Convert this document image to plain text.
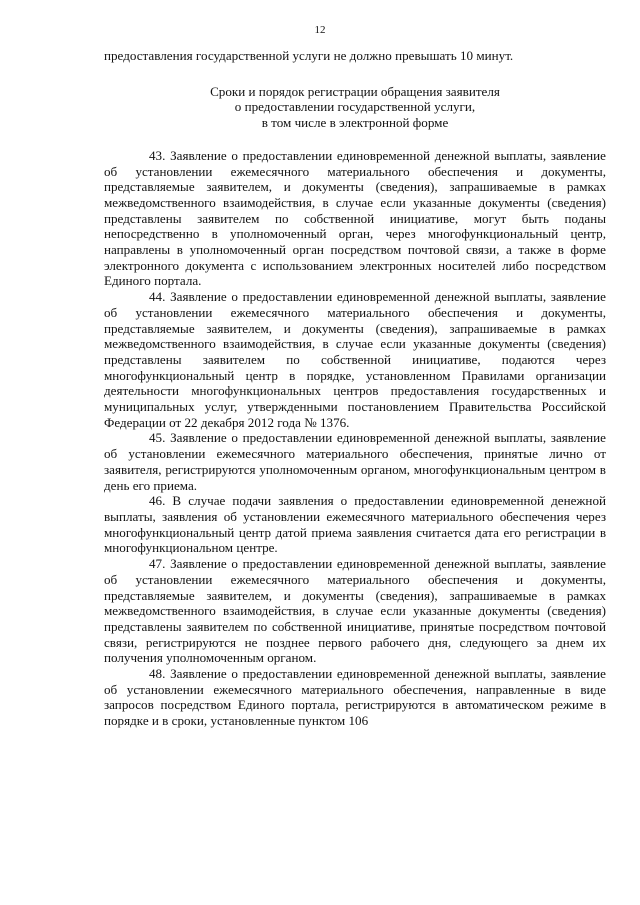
12

предоставления государственной услуги не должно превышать 10 минут.

Сроки и порядок регистрации обращения заявителя
о предоставлении государственной услуги,
в том числе в электронной форме

43. Заявление о предоставлении единовременной денежной выплаты, заявление об установлении ежемесячного материального обеспечения и документы, представляемые заявителем, и документы (сведения), запрашиваемые в рамках межведомственного взаимодействия, в случае если указанные документы (сведения) представлены заявителем по собственной инициативе, могут быть поданы непосредственно в уполномоченный орган, через многофункциональный центр, направлены в уполномоченный орган посредством почтовой связи, а также в форме электронного документа с использованием электронных носителей либо посредством Единого портала.

44. Заявление о предоставлении единовременной денежной выплаты, заявление об установлении ежемесячного материального обеспечения и документы, представляемые заявителем, и документы (сведения), запрашиваемые в рамках межведомственного взаимодействия, в случае если указанные документы (сведения) представлены заявителем по собственной инициативе, подаются через многофункциональный центр в порядке, установленном Правилами организации деятельности многофункциональных центров предоставления государственных и муниципальных услуг, утвержденными постановлением Правительства Российской Федерации от 22 декабря 2012 года № 1376.

45. Заявление о предоставлении единовременной денежной выплаты, заявление об установлении ежемесячного материального обеспечения, принятые лично от заявителя, регистрируются уполномоченным органом, многофункциональным центром в день его приема.

46. В случае подачи заявления о предоставлении единовременной денежной выплаты, заявления об установлении ежемесячного материального обеспечения через многофункциональный центр датой приема заявления считается дата его регистрации в многофункциональном центре.

47. Заявление о предоставлении единовременной денежной выплаты, заявление об установлении ежемесячного материального обеспечения и документы, представляемые заявителем, и документы (сведения), запрашиваемые в рамках межведомственного взаимодействия, в случае если указанные документы (сведения) представлены заявителем по собственной инициативе, принятые посредством почтовой связи, регистрируются не позднее первого рабочего дня, следующего за днем их получения уполномоченным органом.

48. Заявление о предоставлении единовременной денежной выплаты, заявление об установлении ежемесячного материального обеспечения, направленные в виде запросов посредством Единого портала, регистрируются в автоматическом режиме в порядке и в сроки, установленные пунктом 106
